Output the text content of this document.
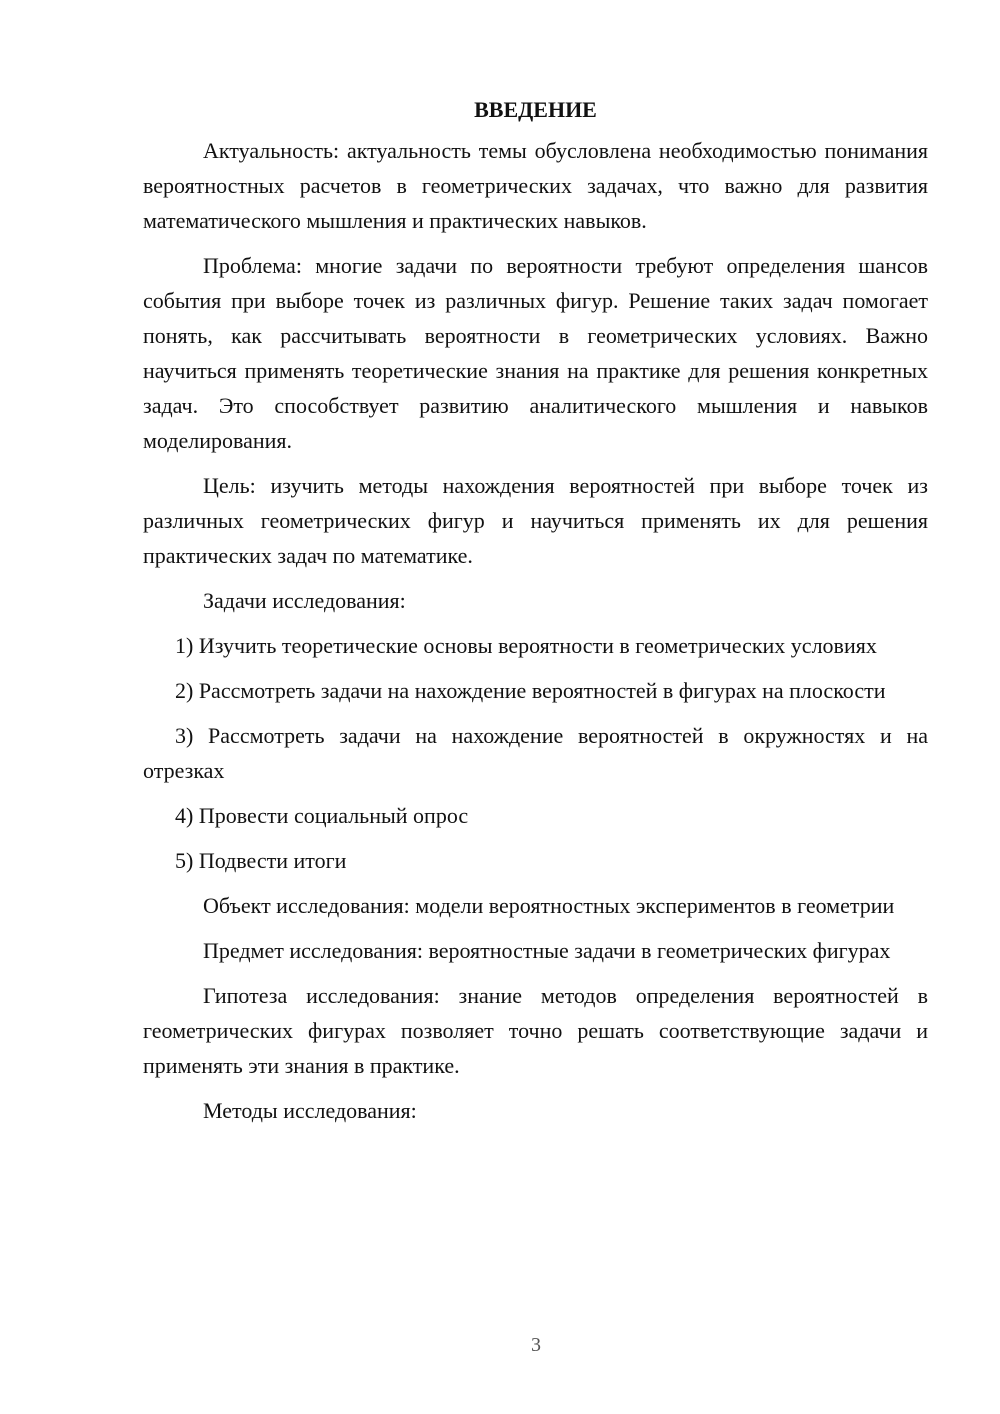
ВВЕДЕНИЕ
Актуальность: актуальность темы обусловлена необходимостью понимания вероятностных расчетов в геометрических задачах, что важно для развития математического мышления и практических навыков.
Проблема: многие задачи по вероятности требуют определения шансов события при выборе точек из различных фигур. Решение таких задач помогает понять, как рассчитывать вероятности в геометрических условиях. Важно научиться применять теоретические знания на практике для решения конкретных задач. Это способствует развитию аналитического мышления и навыков моделирования.
Цель: изучить методы нахождения вероятностей при выборе точек из различных геометрических фигур и научиться применять их для решения практических задач по математике.
Задачи исследования:
1) Изучить теоретические основы вероятности в геометрических условиях
2) Рассмотреть задачи на нахождение вероятностей в фигурах на плоскости
3) Рассмотреть задачи на нахождение вероятностей в окружностях и на отрезках
4) Провести социальный опрос
5) Подвести итоги
Объект исследования: модели вероятностных экспериментов в геометрии
Предмет исследования: вероятностные задачи в геометрических фигурах
Гипотеза исследования: знание методов определения вероятностей в геометрических фигурах позволяет точно решать соответствующие задачи и применять эти знания в практике.
Методы исследования:
3
